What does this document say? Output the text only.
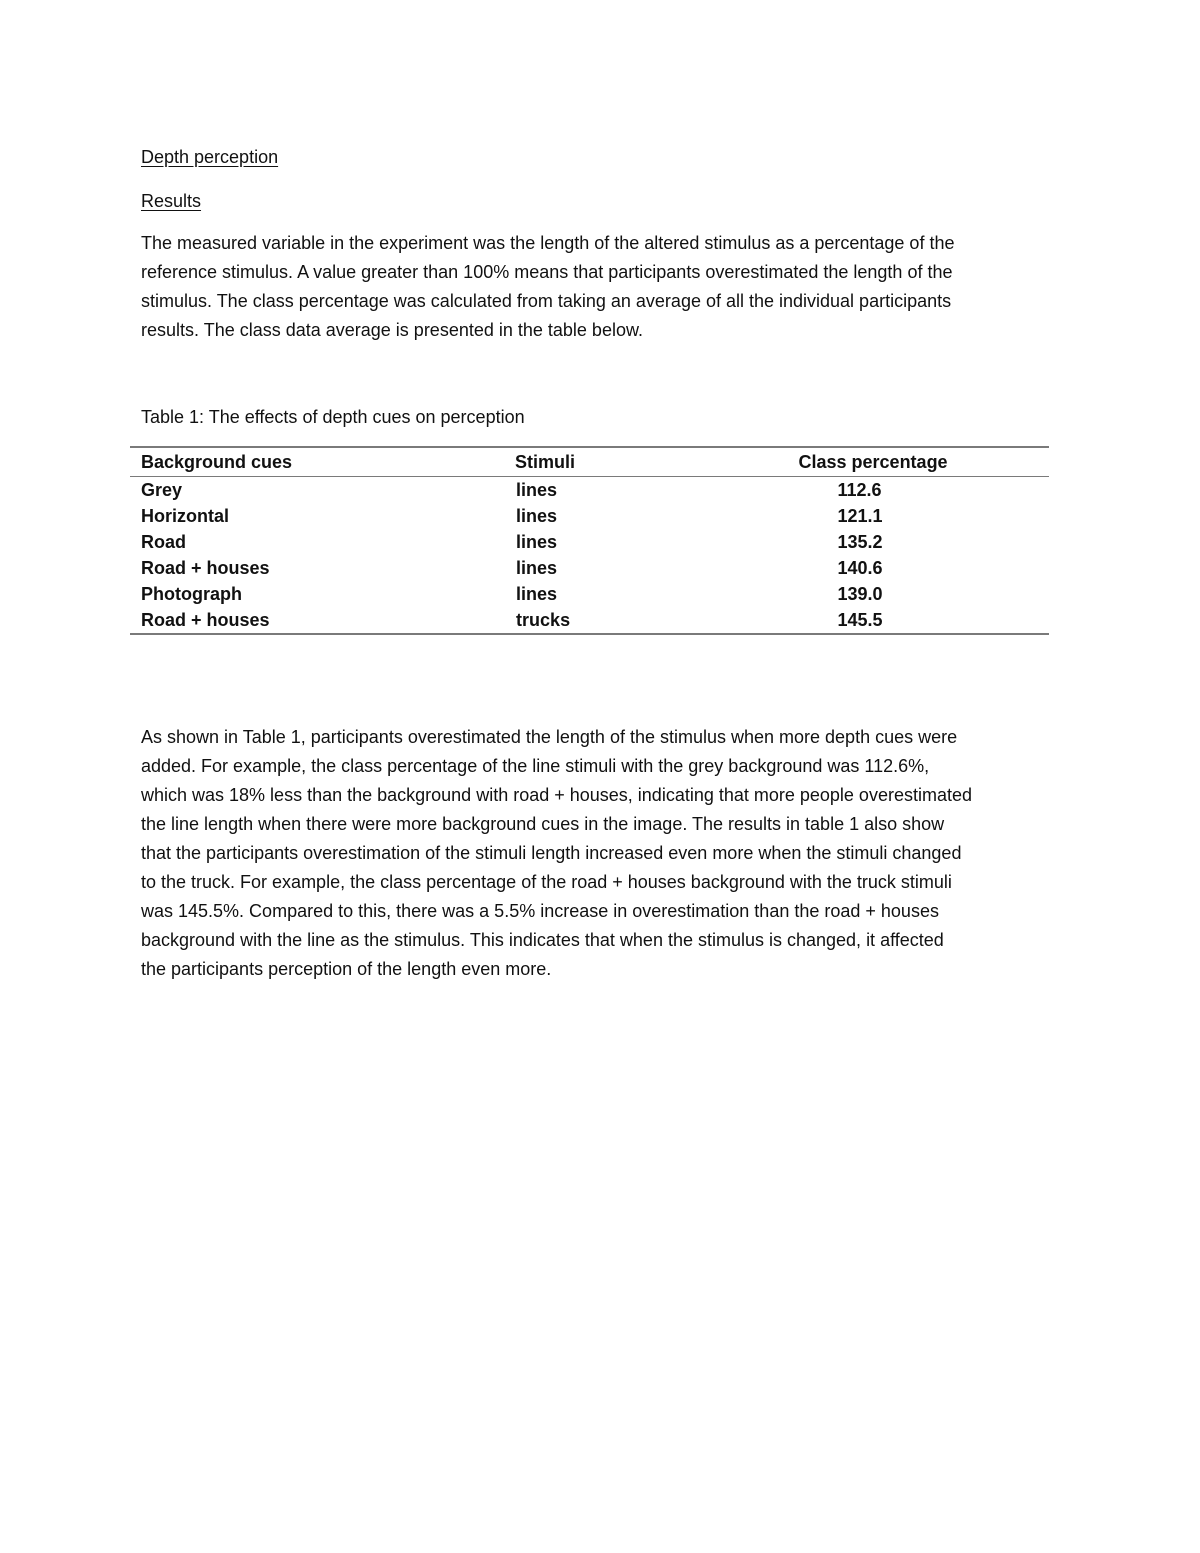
Depth perception
Results
The measured variable in the experiment was the length of the altered stimulus as a percentage of the
reference stimulus. A value greater than 100% means that participants overestimated the length of the
stimulus. The class percentage was calculated from taking an average of all the individual participants
results. The class data average is presented in the table below.
Table 1: The effects of depth cues on perception
Background cues	Stimuli	Class percentage
Grey	lines	112.6
Horizontal	lines	121.1
Road	lines	135.2
Road + houses	lines	140.6
Photograph	lines	139.0
Road + houses	trucks	145.5
As shown in Table 1, participants overestimated the length of the stimulus when more depth cues were
added. For example, the class percentage of the line stimuli with the grey background was 112.6%,
which was 18% less than the background with road + houses, indicating that more people overestimated
the line length when there were more background cues in the image. The results in table 1 also show
that the participants overestimation of the stimuli length increased even more when the stimuli changed
to the truck. For example, the class percentage of the road + houses background with the truck stimuli
was 145.5%. Compared to this, there was a 5.5% increase in overestimation than the road + houses
background with the line as the stimulus. This indicates that when the stimulus is changed, it affected
the participants perception of the length even more.
